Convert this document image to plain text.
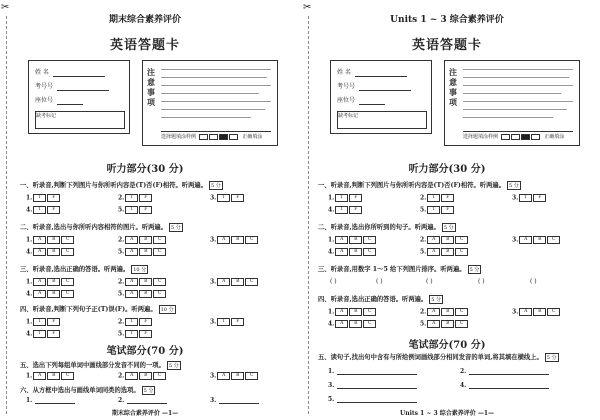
✂
期末综合素养评价
英语答题卡
姓 名
考号号
座位号
缺考标记
注意事项
选择题填涂样例	正确填涂
听力部分(30 分)
一、听录音,判断下列图片与你所听内容是(T)否(F)相符。听两遍。 5 分
1. T F	2. T F	3. T F
4. T F	5. T F
二、听录音,选出与你所听内容相符的图片。听两遍。 5 分
1. A B C	2. A B C	3. A B C
4. A B C	5. A B C
三、听录音,选出正确的答语。听两遍。 10 分
1. A B C	2. A B C	3. A B C
4. A B C	5. A B C
四、听录音,判断下列句子正(T)误(F)。听两遍。 10 分
1. T F	2. T F	3. T F
4. T F	5. T F
笔试部分(70 分)
五、选出下列每组单词中画线部分发音不同的一项。 5 分
1. A B C	2. A B C	3. A B C
六、从方框中选出与画线单词同类的选项。 5 分
1.	2.	3.
期末综合素养评价 —1—
✂
Units 1 ~ 3 综合素养评价
英语答题卡
姓 名
考号号
座位号
缺考标记
注意事项
选择题填涂样例	正确填涂
听力部分(30 分)
一、听录音,判断下列图片与你所听内容是(T)否(F)相符。听两遍。 5 分
1. T F	2. T F	3. T F
4. T F	5. T F
二、听录音,选出你所听到的句子。听两遍。 5 分
1. A B C	2. A B C	3. A B C
4. A B C	5. A B C
三、听录音,用数字 1～5 给下列图片排序。听两遍。 5 分
( )	( )	( )	( )	( )
四、听录音,选出正确的答语。听两遍。 5 分
1. A B C	2. A B C	3. A B C
4. A B C	5. A B C
笔试部分(70 分)
五、读句子,找出句中含有与所给例词画线部分相同发音的单词,将其填在横线上。 5 分
1.	2.
3.	4.
5.
Units 1 ~ 3 综合素养评价 —1—
